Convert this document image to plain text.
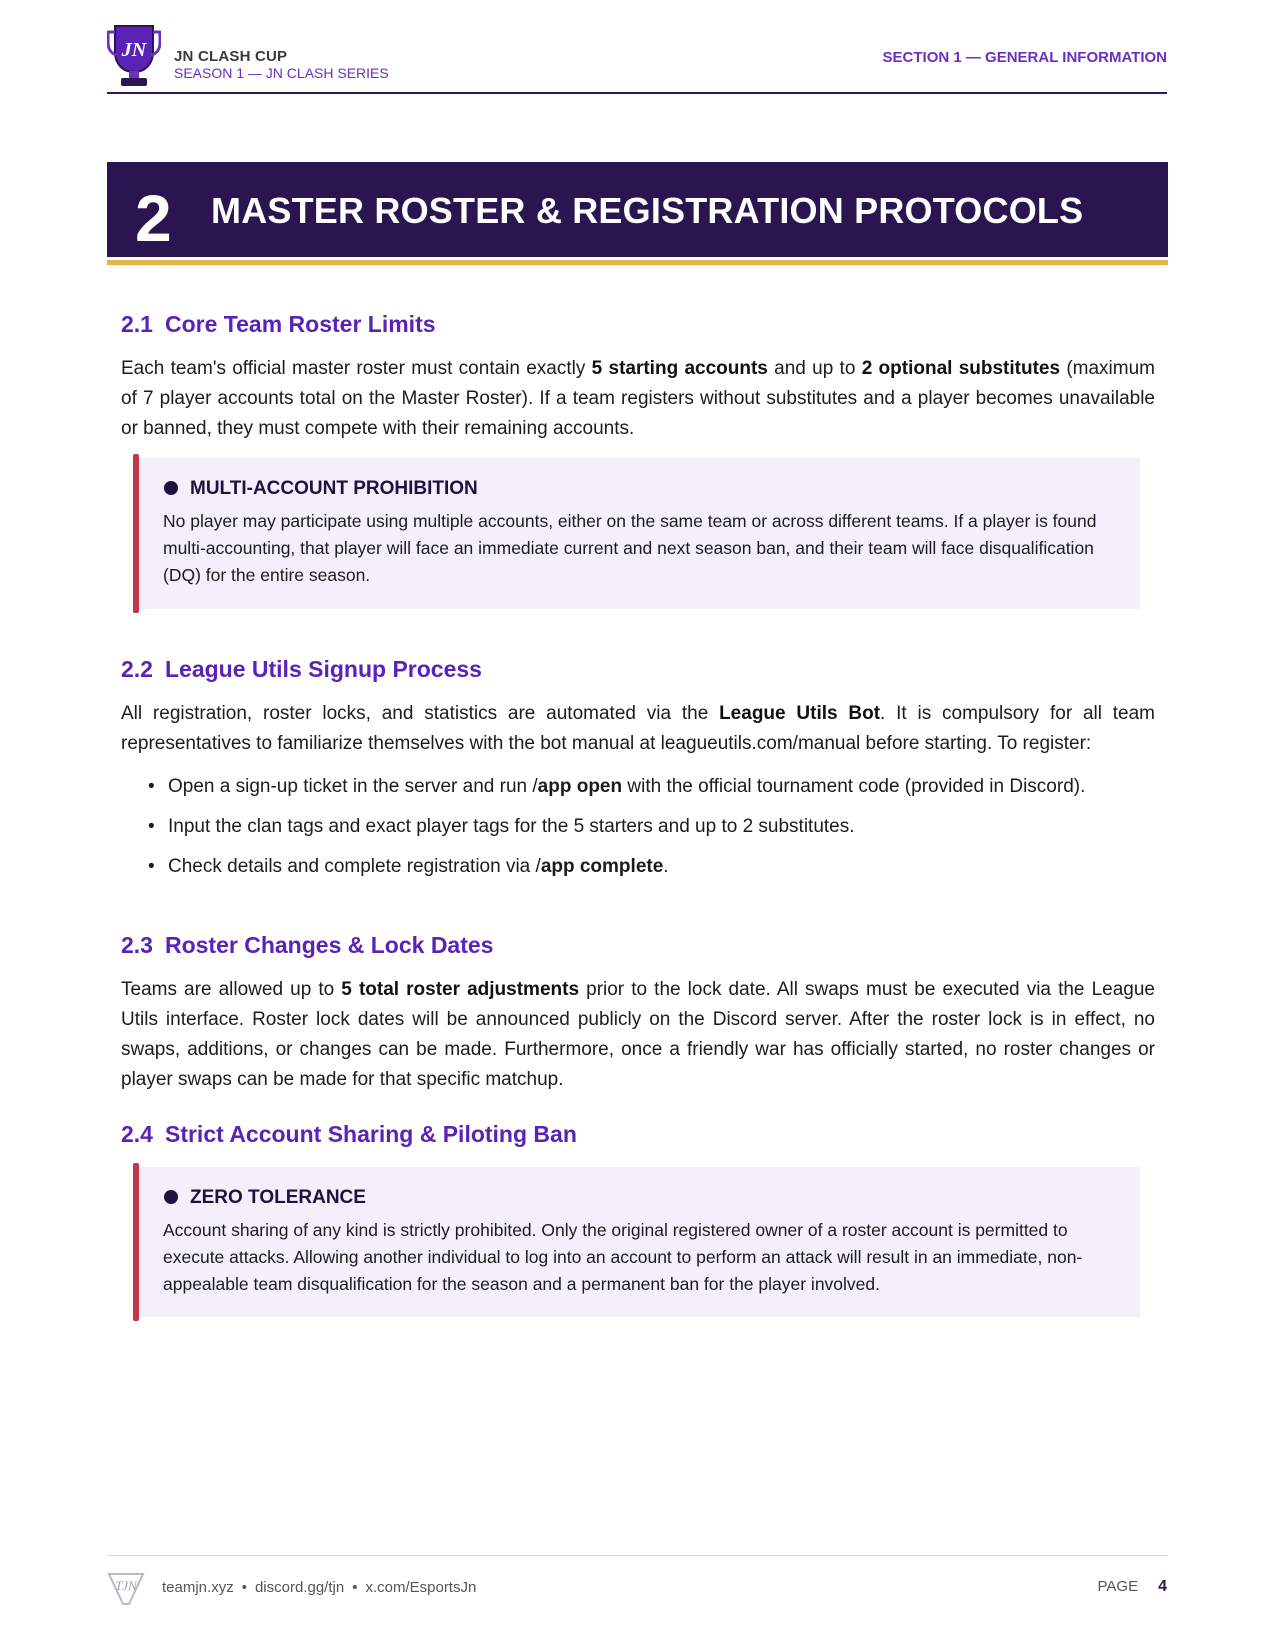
JN JN CLASH CUP
SEASON 1 — JN CLASH SERIES
SECTION 1 — GENERAL INFORMATION
2 MASTER ROSTER & REGISTRATION PROTOCOLS
2.1 Core Team Roster Limits
Each team's official master roster must contain exactly 5 starting accounts and up to 2 optional substitutes (maximum of 7 player accounts total on the Master Roster). If a team registers without substitutes and a player becomes unavailable or banned, they must compete with their remaining accounts.
MULTI-ACCOUNT PROHIBITION
No player may participate using multiple accounts, either on the same team or across different teams. If a player is found multi-accounting, that player will face an immediate current and next season ban, and their team will face disqualification (DQ) for the entire season.
2.2 League Utils Signup Process
All registration, roster locks, and statistics are automated via the League Utils Bot. It is compulsory for all team representatives to familiarize themselves with the bot manual at leagueutils.com/manual before starting. To register:
• Open a sign-up ticket in the server and run /app open with the official tournament code (provided in Discord).
• Input the clan tags and exact player tags for the 5 starters and up to 2 substitutes.
• Check details and complete registration via /app complete.
2.3 Roster Changes & Lock Dates
Teams are allowed up to 5 total roster adjustments prior to the lock date. All swaps must be executed via the League Utils interface. Roster lock dates will be announced publicly on the Discord server. After the roster lock is in effect, no swaps, additions, or changes can be made. Furthermore, once a friendly war has officially started, no roster changes or player swaps can be made for that specific matchup.
2.4 Strict Account Sharing & Piloting Ban
ZERO TOLERANCE
Account sharing of any kind is strictly prohibited. Only the original registered owner of a roster account is permitted to execute attacks. Allowing another individual to log into an account to perform an attack will result in an immediate, non-appealable team disqualification for the season and a permanent ban for the player involved.
TJN teamjn.xyz • discord.gg/tjn • x.com/EsportsJn	PAGE 4
